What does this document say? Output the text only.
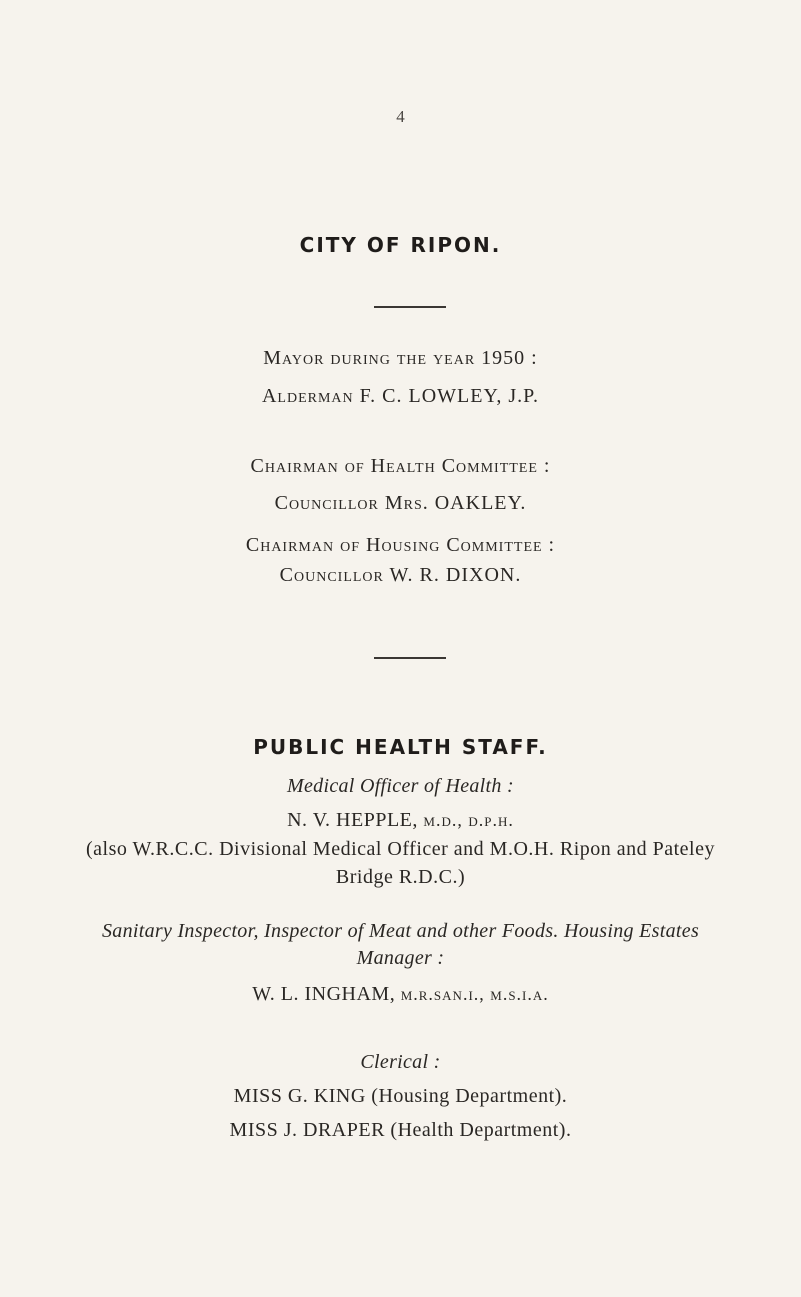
4
CITY OF RIPON.
Mayor during the year 1950 :
Alderman F. C. LOWLEY, J.P.
Chairman of Health Committee :
Councillor Mrs. OAKLEY.
Chairman of Housing Committee :
Councillor W. R. DIXON.
PUBLIC HEALTH STAFF.
Medical Officer of Health :
N. V. HEPPLE, m.d., d.p.h.
(also W.R.C.C. Divisional Medical Officer and M.O.H. Ripon and Pateley
Bridge R.D.C.)
Sanitary Inspector, Inspector of Meat and other Foods. Housing Estates
Manager :
W. L. INGHAM, m.r.san.i., m.s.i.a.
Clerical :
MISS G. KING (Housing Department).
MISS J. DRAPER (Health Department).
